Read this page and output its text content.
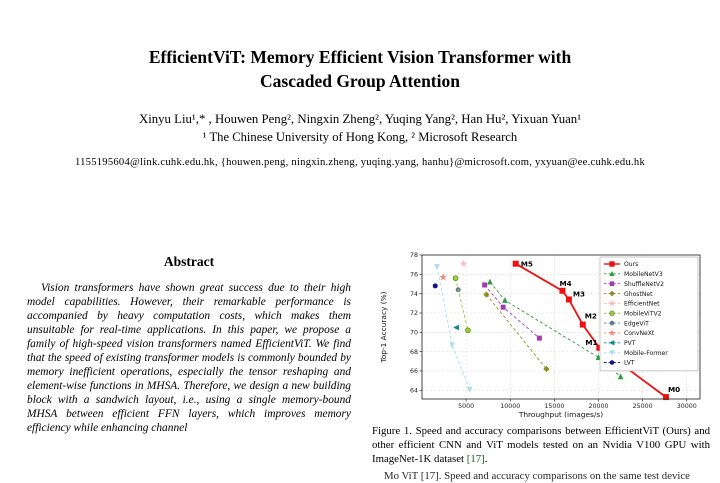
EfficientViT: Memory Efficient Vision Transformer with
Cascaded Group Attention
Xinyu Liu¹,* , Houwen Peng², Ningxin Zheng², Yuqing Yang², Han Hu², Yixuan Yuan¹
¹ The Chinese University of Hong Kong, ² Microsoft Research
1155195604@link.cuhk.edu.hk, {houwen.peng, ningxin.zheng, yuqing.yang, hanhu}@microsoft.com, yxyuan@ee.cuhk.edu.hk
Abstract

Vision transformers have shown great success due to their high model capabilities. However, their remarkable performance is accompanied by heavy computation costs, which makes them unsuitable for real-time applications. In this paper, we propose a family of high-speed vision transformers named EfficientViT. We find that the speed of existing transformer models is commonly bounded by memory inefficient operations, especially the tensor reshaping and element-wise functions in MHSA. Therefore, we design a new building block with a sandwich layout, i.e., using a single memory-bound MHSA between efficient FFN layers, which improves memory efficiency while enhancing channel

M5
M4
M3
M2
M1
M0
5000	10000	15000	20000	25000	30000
64
66
68
70
72
74
76
78
Throughput (images/s)
Top-1 Accuracy (%)
Ours
MobileNetV3
ShuffleNetV2
GhostNet
EfficientNet
MobileViTV2
EdgeViT
ConvNeXt
PVT
Mobile-Former
LVT

Figure 1. Speed and accuracy comparisons between EfficientViT (Ours) and other efficient CNN and ViT models tested on an Nvidia V100 GPU with ImageNet-1K dataset [17].

Mo ViT [17]. Speed and accuracy comparisons on the same test device
